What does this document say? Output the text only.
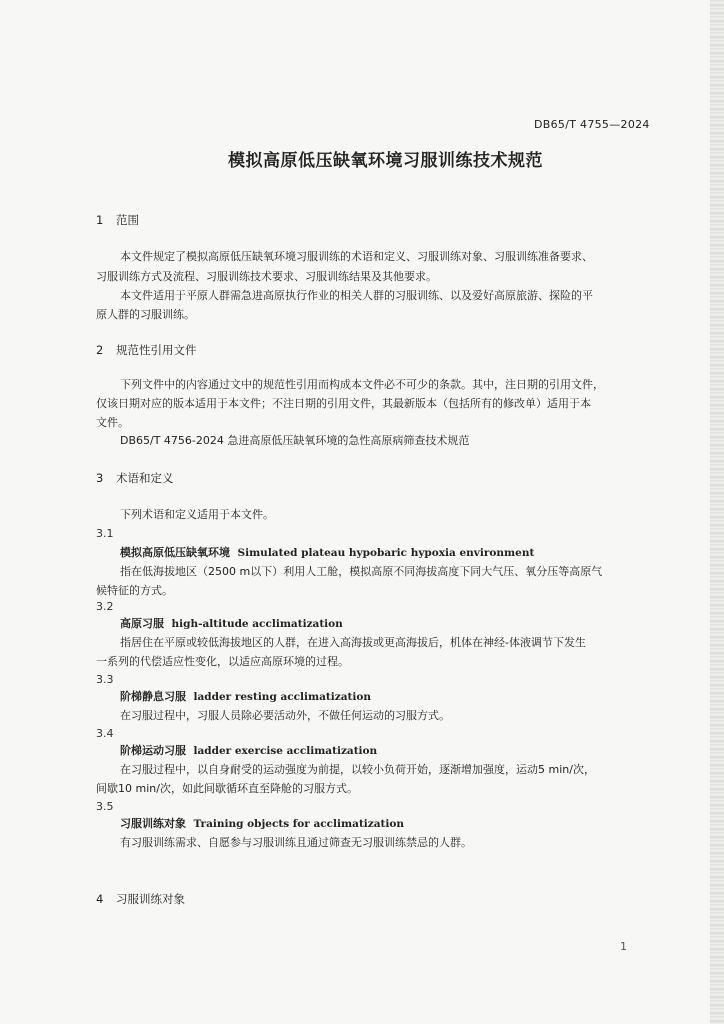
DB65/T 4755—2024
模拟高原低压缺氧环境习服训练技术规范
1 范围
本文件规定了模拟高原低压缺氧环境习服训练的术语和定义、习服训练对象、习服训练准备要求、
习服训练方式及流程、习服训练技术要求、习服训练结果及其他要求。
本文件适用于平原人群需急进高原执行作业的相关人群的习服训练、以及爱好高原旅游、探险的平
原人群的习服训练。
2 规范性引用文件
下列文件中的内容通过文中的规范性引用而构成本文件必不可少的条款。其中，注日期的引用文件，
仅该日期对应的版本适用于本文件；不注日期的引用文件，其最新版本（包括所有的修改单）适用于本
文件。
DB65/T 4756-2024 急进高原低压缺氧环境的急性高原病筛查技术规范
3 术语和定义
下列术语和定义适用于本文件。
3.1
模拟高原低压缺氧环境 Simulated plateau hypobaric hypoxia environment
指在低海拔地区（2500 m以下）利用人工舱，模拟高原不同海拔高度下同大气压、氧分压等高原气
候特征的方式。
3.2
高原习服 high-altitude acclimatization
指居住在平原或较低海拔地区的人群，在进入高海拔或更高海拔后，机体在神经-体液调节下发生
一系列的代偿适应性变化，以适应高原环境的过程。
3.3
阶梯静息习服 ladder resting acclimatization
在习服过程中，习服人员除必要活动外，不做任何运动的习服方式。
3.4
阶梯运动习服 ladder exercise acclimatization
在习服过程中，以自身耐受的运动强度为前提，以较小负荷开始，逐渐增加强度，运动5 min/次，
间歇10 min/次，如此间歇循环直至降舱的习服方式。
3.5
习服训练对象 Training objects for acclimatization
有习服训练需求、自愿参与习服训练且通过筛查无习服训练禁忌的人群。
4 习服训练对象
1
